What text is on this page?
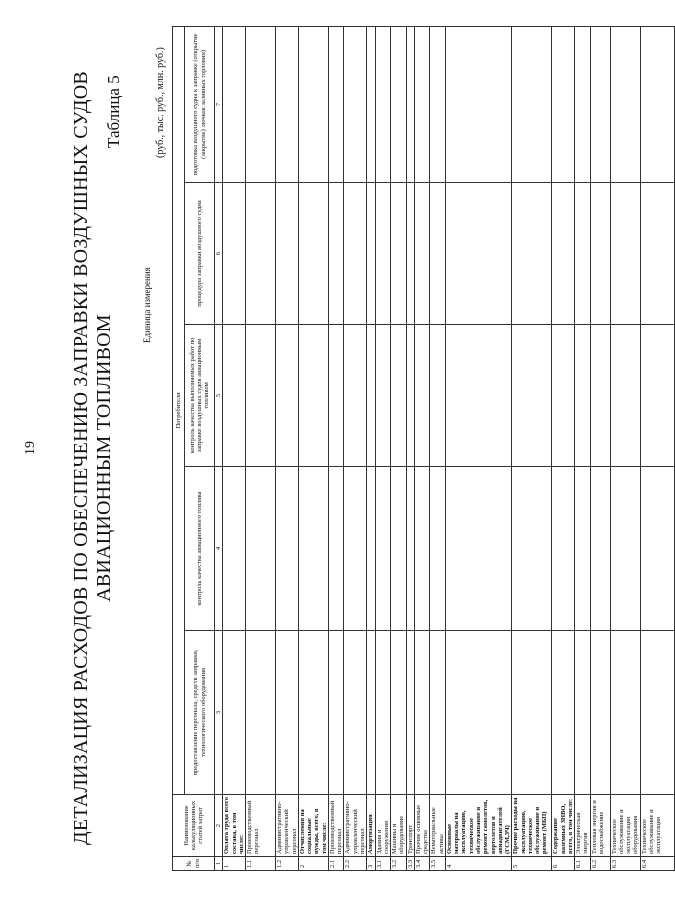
19 ДЕТАЛИЗАЦИЯ РАСХОДОВ ПО ОБЕСПЕЧЕНИЮ ЗАПРАВКИ ВОЗДУШНЫХ СУДОВ АВИАЦИОННЫМ ТОПЛИВОМ
Таблица 5
Единица измерения
(руб., тыс. руб., млн. руб.)
№ п/п	Наименование калькуляционных статей затрат	Потребители				
		предоставление персонала, средств заправки, технологического оборудования	контроль качества авиационного топлива	контроль качества выполняемых работ по заправке воздушных судов авиационным топливом	процедура заправки воздушного судна	подготовка воздушного судна к заправке (открытие (закрытие) лючков заливных горловин)
1	2	3	4	5	6	7
1	Оплата труда всего состава, в том числе:					
1.1	Производственный персонал					
1.2	Административно-управленческий персонал					
2	Отчисления на социальные нужды, всего, в том числе:					
2.1	Производственный персонал					
2.2	Административно-управленческий персонал					
3	Амортизация					
3.1	Здания и сооружения					
3.2	Машины и оборудование					
3.3	Транспорт					
3.4	Прочие основные средства					
3.5	Нематериальные активы					
4	Основные материалы на эксплуатацию, техническое обслуживание и ремонт самолетов, вертолетов и авиадвигателей (ГСМ,ЗЧ)					
5	Прочие расходы на эксплуатацию, техническое обслуживание и ремонт (МБП)					
6	Содержание наземных ЗНВО, всего, в том числе:					
6.1	Электрическая энергия					
6.2	Тепловая энергия и водоснабжение					
6.3	Техническое обслуживание и эксплуатация оборудования					
6.4	Техническое обслуживание и эксплуатация					
